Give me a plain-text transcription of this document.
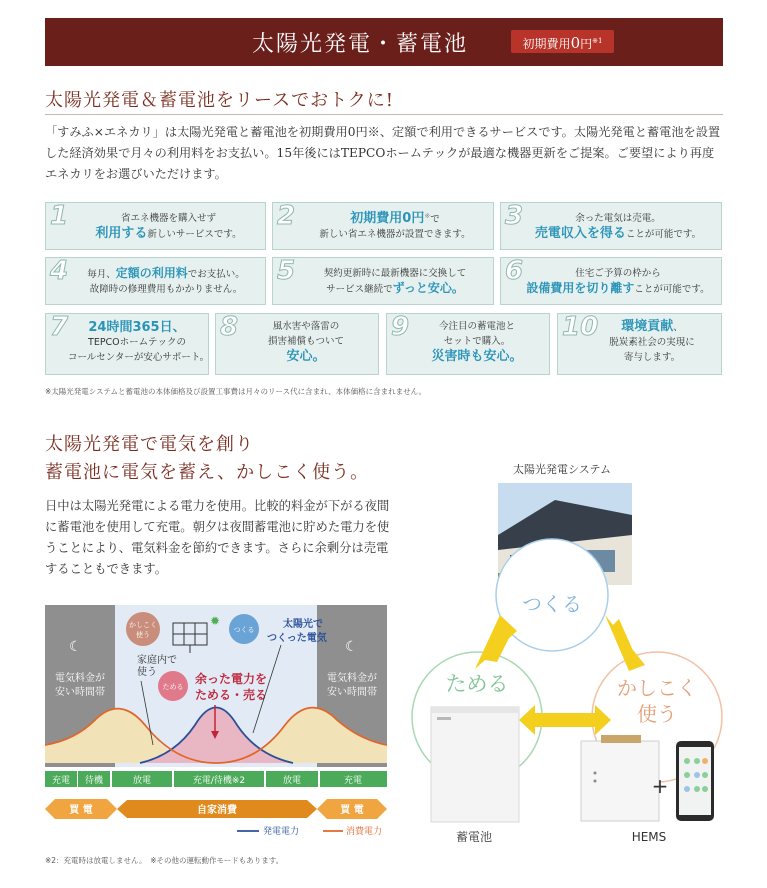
太陽光発電・蓄電池	初期費用0円$^{※1}$
太陽光発電＆蓄電池をリースでおトクに!
「すみふ×エネカリ」は太陽光発電と蓄電池を初期費用0円※、定額で利用できるサービスです。太陽光発電と蓄電池を設置した経済効果で月々の利用料をお支払い。15年後にはTEPCOホームテックが最適な機器更新をご提案。ご要望により再度エネカリをお選びいただけます。
1	省エネ機器を購入せず
利用する新しいサービスです。
2	初期費用0円※で
新しい省エネ機器が設置できます。
3	余った電気は売電。
売電収入を得ることが可能です。
4	毎月、定額の利用料でお支払い。
故障時の修理費用もかかりません。
5	契約更新時に最新機器に交換して
サービス継続でずっと安心。
6	住宅ご予算の枠から
設備費用を切り離すことが可能です。
7	24時間365日、
TEPCOホームテックの
コールセンターが安心サポート。
8	風水害や落雷の
損害補償もついて
安心。
9	今注目の蓄電池と
セットで購入。
災害時も安心。
10	環境貢献、
脱炭素社会の実現に
寄与します。
※太陽光発電システムと蓄電池の本体価格及び設置工事費は月々のリース代に含まれ、本体価格に含まれません。
太陽光発電で電気を創り
蓄電池に電気を蓄え、かしこく使う。
日中は太陽光発電による電力を使用。比較的料金が下がる夜間に蓄電池を使用して充電。朝夕は夜間蓄電池に貯めた電力を使うことにより、電気料金を節約できます。さらに余剰分は売電することもできます。
☾	☾
電気料金が
安い時間帯
電気料金が
安い時間帯
かしこく
使う
つくる
ためる
✹
家庭内で
使う
太陽光で
つくった電気
余った電力を
ためる・売る
充電 待機	放電	充電/待機※2	放電	充電
買 電	自家消費	買 電
発電電力	消費電力
※2：充電時は放電しません。　※その他の運転動作モードもあります。
太陽光発電システム
つくる
ためる	かしこく
使う
蓄電池
+
HEMS
